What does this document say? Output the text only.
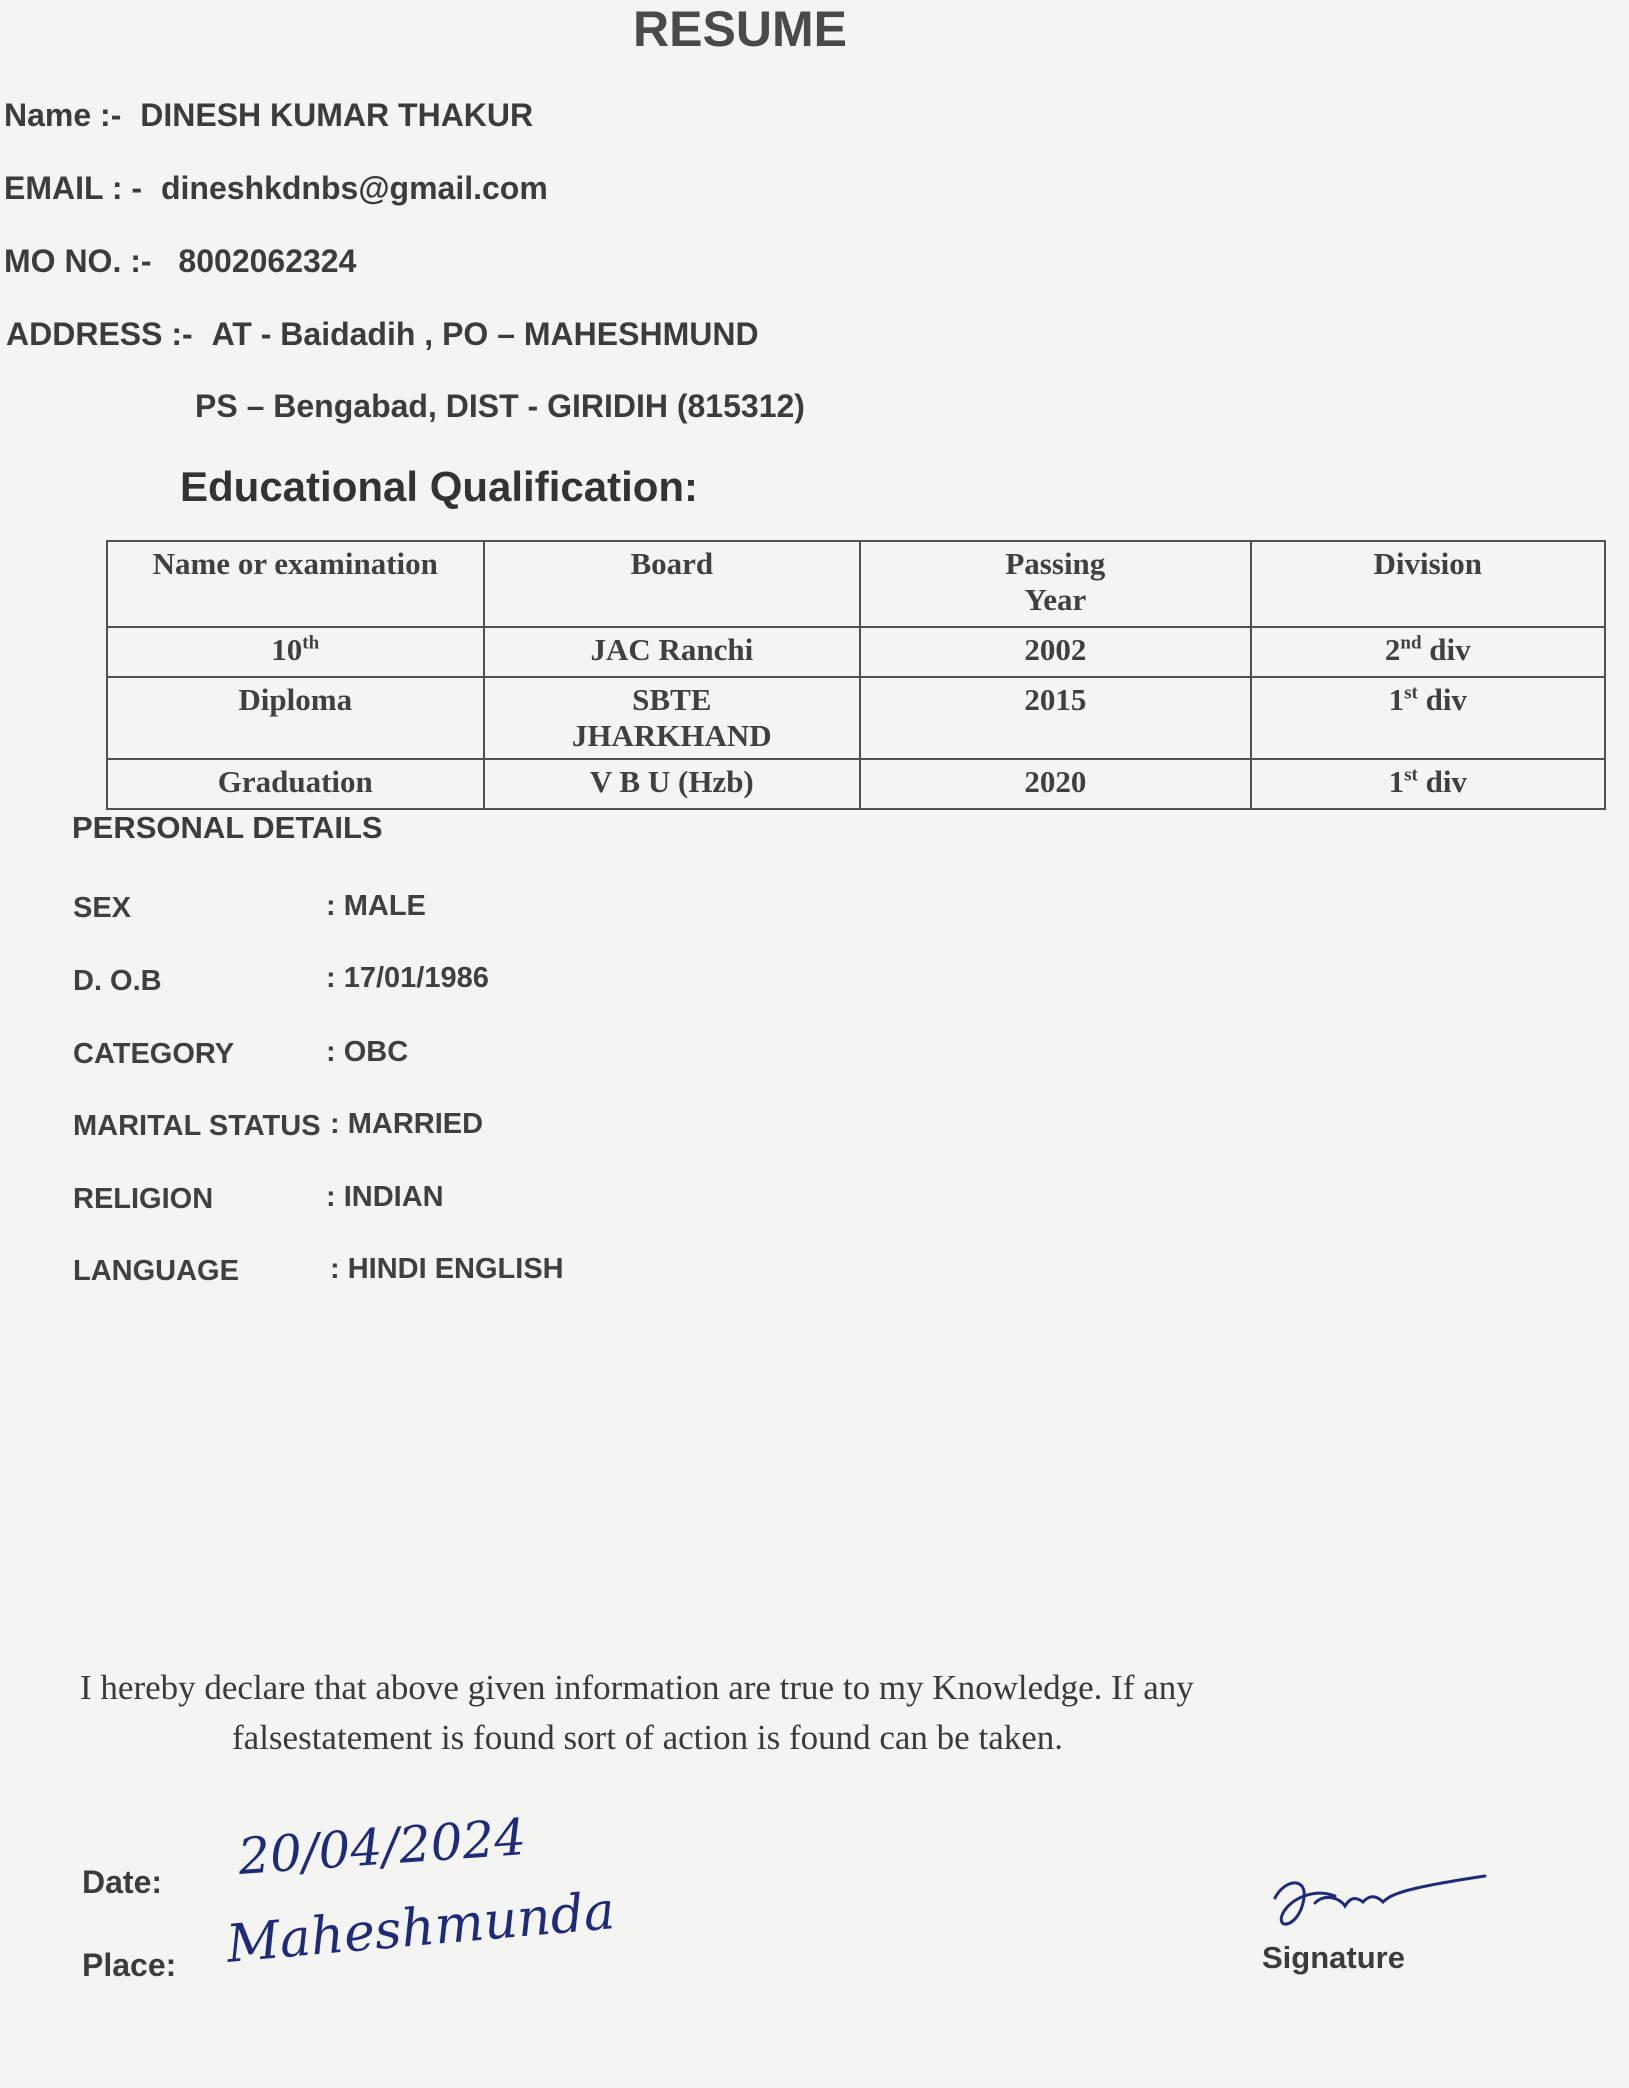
RESUME
Name :- DINESH KUMAR THAKUR
EMAIL : - dineshkdnbs@gmail.com
MO NO. :- 8002062324
ADDRESS :- AT - Baidadih , PO – MAHESHMUND
PS – Bengabad, DIST - GIRIDIH (815312)
Educational Qualification:
Name or examination	Board	Passing Year	Division
10th	JAC Ranchi	2002	2nd div
Diploma	SBTE JHARKHAND	2015	1st div
Graduation	V B U (Hzb)	2020	1st div
PERSONAL DETAILS
SEX	: MALE
D. O.B	: 17/01/1986
CATEGORY	: OBC
MARITAL STATUS : MARRIED
RELIGION	: INDIAN
LANGUAGE	: HINDI ENGLISH
I hereby declare that above given information are true to my Knowledge. If any
falsestatement is found sort of action is found can be taken.
Date: 20/04/2024
Place: Maheshmunda	Signature
